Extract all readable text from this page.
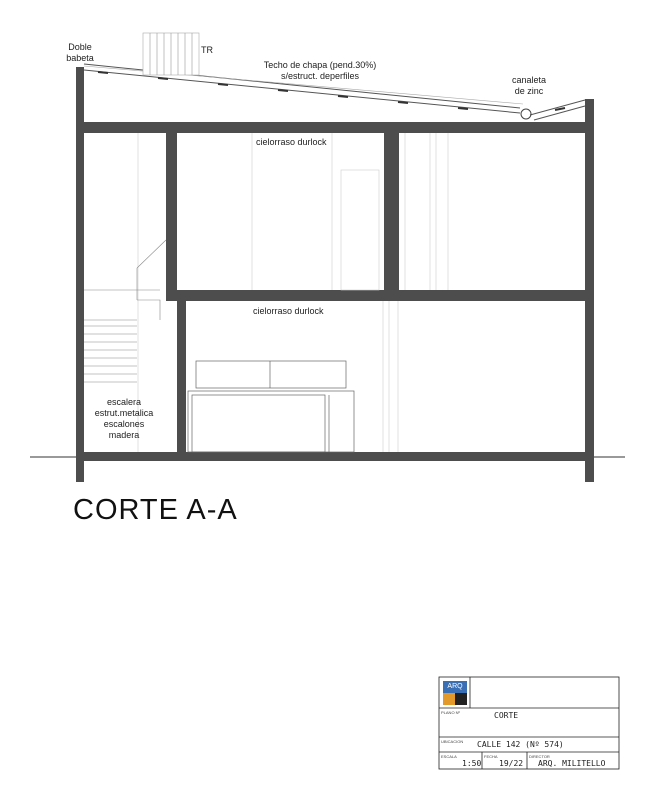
Doble
babeta
TR
Techo de chapa (pend.30%)
s/estruct. deperfiles	canaleta
de zinc
cielorraso durlock
cielorraso durlock
escalera
estrut.metalica
escalones
madera
CORTE A-A
ARQ
PLANO Nº	CORTE
UBICACION CALLE 142 (Nº 574)
ESCALA
1:50
FECHA
19/22
DIRECTOR
ARQ. MILITELLO
